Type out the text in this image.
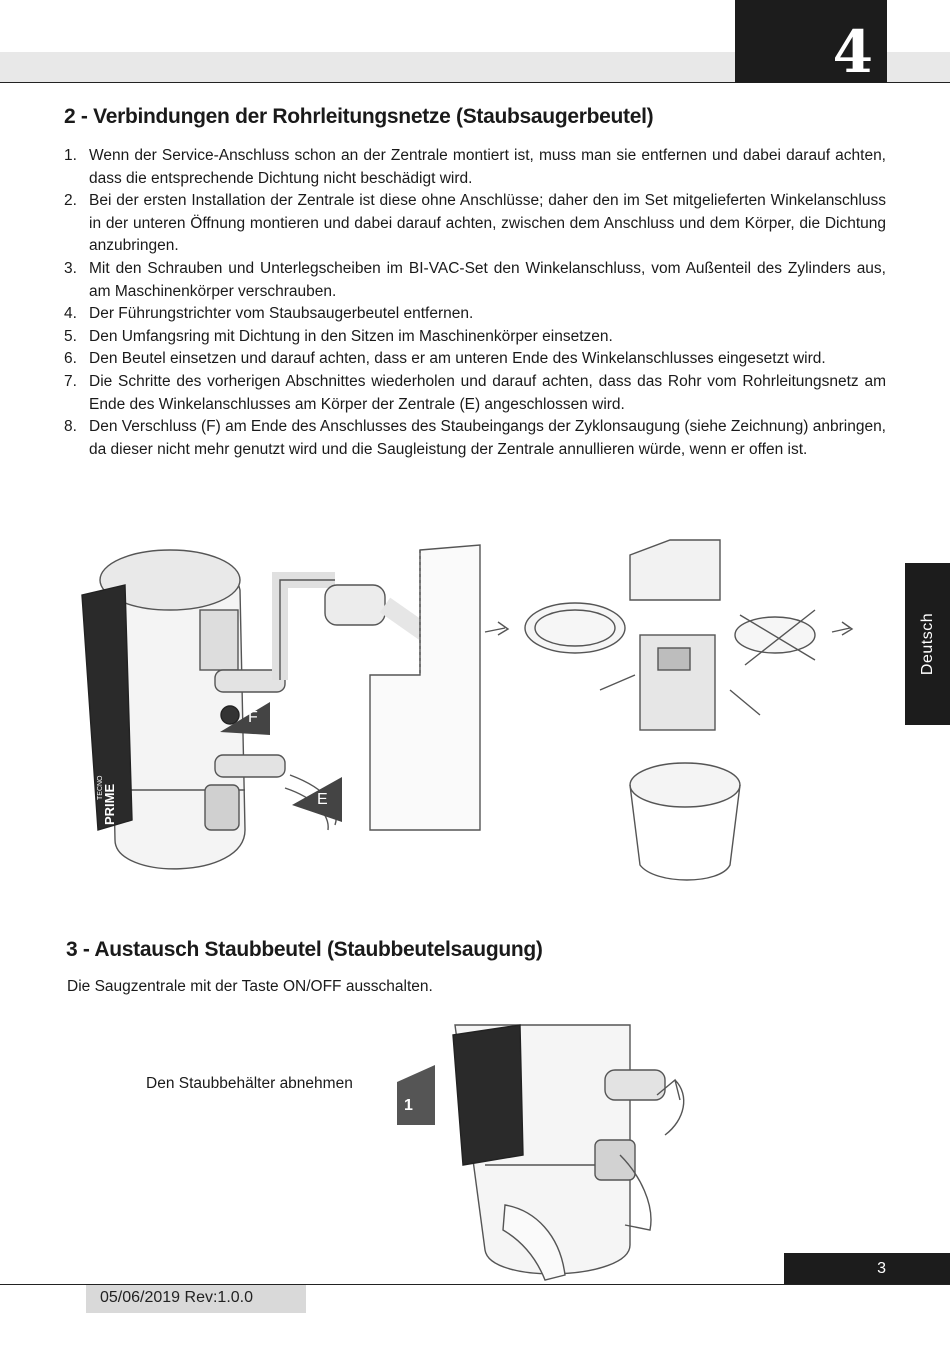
4
2 - Verbindungen der Rohrleitungsnetze (Staubsaugerbeutel)
1. Wenn der Service-Anschluss schon an der Zentrale montiert ist, muss man sie entfernen und dabei darauf achten, dass die entsprechende Dichtung nicht beschädigt wird.
2. Bei der ersten Installation der Zentrale ist diese ohne Anschlüsse; daher den im Set mitgelieferten Winkelanschluss in der unteren Öffnung montieren und dabei darauf achten, zwischen dem Anschluss und dem Körper, die Dichtung anzubringen.
3. Mit den Schrauben und Unterlegscheiben im BI-VAC-Set den Winkelanschluss, vom Außenteil des Zylinders aus, am Maschinenkörper verschrauben.
4. Der Führungstrichter vom Staubsaugerbeutel entfernen.
5. Den Umfangsring mit Dichtung in den Sitzen im Maschinenkörper einsetzen.
6. Den Beutel einsetzen und darauf achten, dass er am unteren Ende des Winkelanschlusses eingesetzt wird.
7. Die Schritte des vorherigen Abschnittes wiederholen und darauf achten, dass das Rohr vom Rohrleitungsnetz am Ende des Winkelanschlusses am Körper der Zentrale (E) angeschlossen wird.
8. Den Verschluss (F) am Ende des Anschlusses des Staubeingangs der Zyklonsaugung (siehe Zeichnung) anbringen, da dieser nicht mehr genutzt wird und die Saugleistung der Zentrale annullieren würde, wenn er offen ist.
F
E
PRIME
TECNO
Deutsch
3 - Austausch Staubbeutel (Staubbeutelsaugung)
Die Saugzentrale mit der Taste ON/OFF ausschalten.
Den Staubbehälter abnehmen
1
3
05/06/2019 Rev:1.0.0
